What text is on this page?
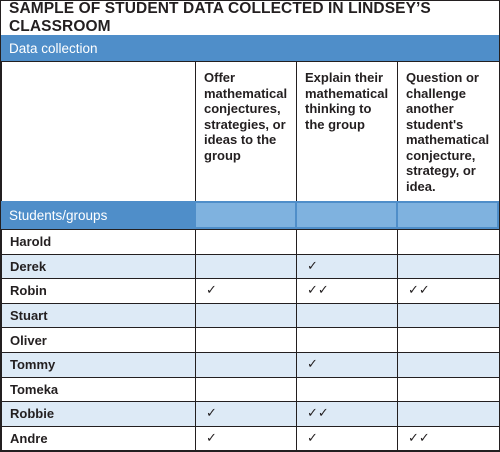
SAMPLE OF STUDENT DATA COLLECTED IN LINDSEY’S CLASSROOM
Data collection

Offer mathematical conjectures, strategies, or ideas to the group

Explain their mathematical thinking to the group

Question or challenge another student's mathematical conjecture, strategy, or idea.
Students/groups
Harold			
Derek		✓	
Robin	✓	✓✓	✓✓
Stuart			
Oliver			
Tommy		✓	
Tomeka			
Robbie	✓	✓✓	
Andre	✓	✓	✓✓
